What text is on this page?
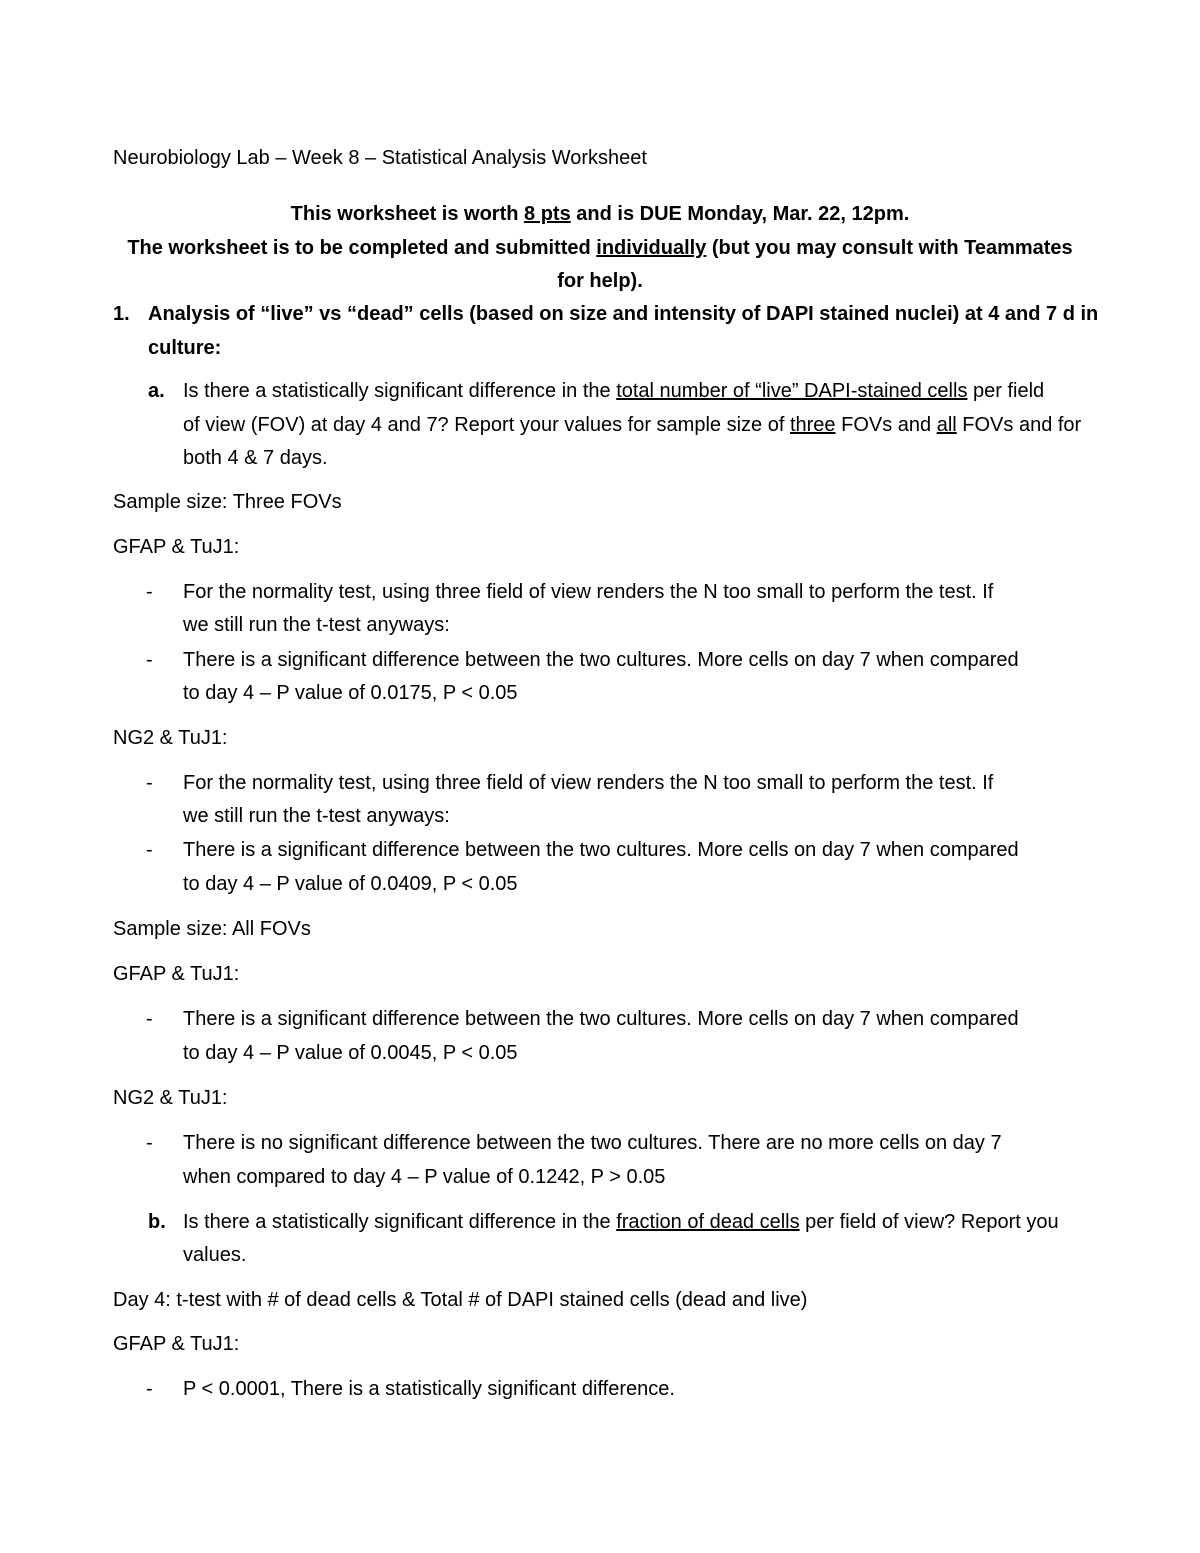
Neurobiology Lab – Week 8 – Statistical Analysis Worksheet
This worksheet is worth 8 pts and is DUE Monday, Mar. 22, 12pm.
The worksheet is to be completed and submitted individually (but you may consult with Teammates
for help).
1. Analysis of “live” vs “dead” cells (based on size and intensity of DAPI stained nuclei) at 4 and 7 d in
culture:
a. Is there a statistically significant difference in the total number of “live” DAPI-stained cells per field
of view (FOV) at day 4 and 7? Report your values for sample size of three FOVs and all FOVs and for
both 4 & 7 days.
Sample size: Three FOVs
GFAP & TuJ1:
- For the normality test, using three field of view renders the N too small to perform the test. If
we still run the t-test anyways:
- There is a significant difference between the two cultures. More cells on day 7 when compared
to day 4 – P value of 0.0175, P < 0.05
NG2 & TuJ1:
- For the normality test, using three field of view renders the N too small to perform the test. If
we still run the t-test anyways:
- There is a significant difference between the two cultures. More cells on day 7 when compared
to day 4 – P value of 0.0409, P < 0.05
Sample size: All FOVs
GFAP & TuJ1:
- There is a significant difference between the two cultures. More cells on day 7 when compared
to day 4 – P value of 0.0045, P < 0.05
NG2 & TuJ1:
- There is no significant difference between the two cultures. There are no more cells on day 7
when compared to day 4 – P value of 0.1242, P > 0.05
b. Is there a statistically significant difference in the fraction of dead cells per field of view? Report you
values.
Day 4: t-test with # of dead cells & Total # of DAPI stained cells (dead and live)
GFAP & TuJ1:
- P < 0.0001, There is a statistically significant difference.
